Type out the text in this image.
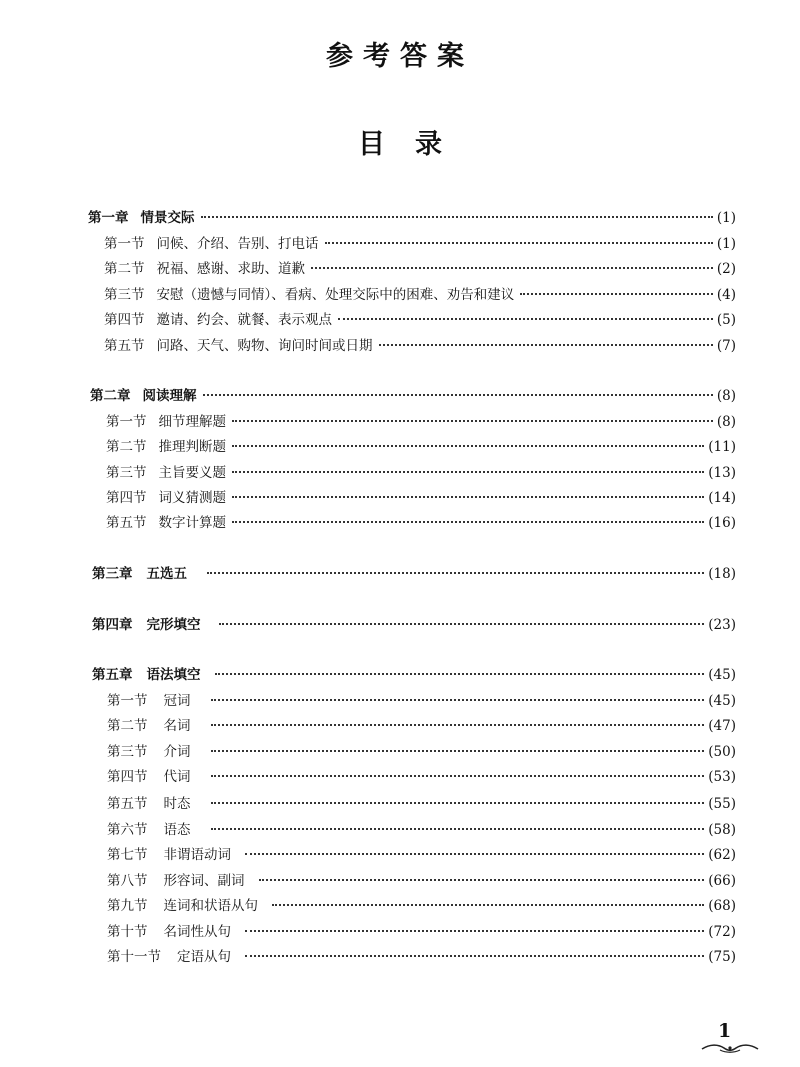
参考答案
目录
第一章 情景交际	(1)
第一节 问候、介绍、告别、打电话	(1)
第二节 祝福、感谢、求助、道歉	(2)
第三节 安慰（遗憾与同情）、看病、处理交际中的困难、劝告和建议	(4)
第四节 邀请、约会、就餐、表示观点	(5)
第五节 问路、天气、购物、询问时间或日期	(7)
第二章 阅读理解	(8)
第一节 细节理解题	(8)
第二节 推理判断题	(11)
第三节 主旨要义题	(13)
第四节 词义猜测题	(14)
第五节 数字计算题	(16)
第三章 五选五	(18)
第四章 完形填空	(23)
第五章 语法填空	(45)
第一节 冠词	(45)
第二节 名词	(47)
第三节 介词	(50)
第四节 代词	(53)
第五节 时态	(55)
第六节 语态	(58)
第七节 非谓语动词	(62)
第八节 形容词、副词	(66)
第九节 连词和状语从句	(68)
第十节 名词性从句	(72)
第十一节 定语从句	(75)
1
